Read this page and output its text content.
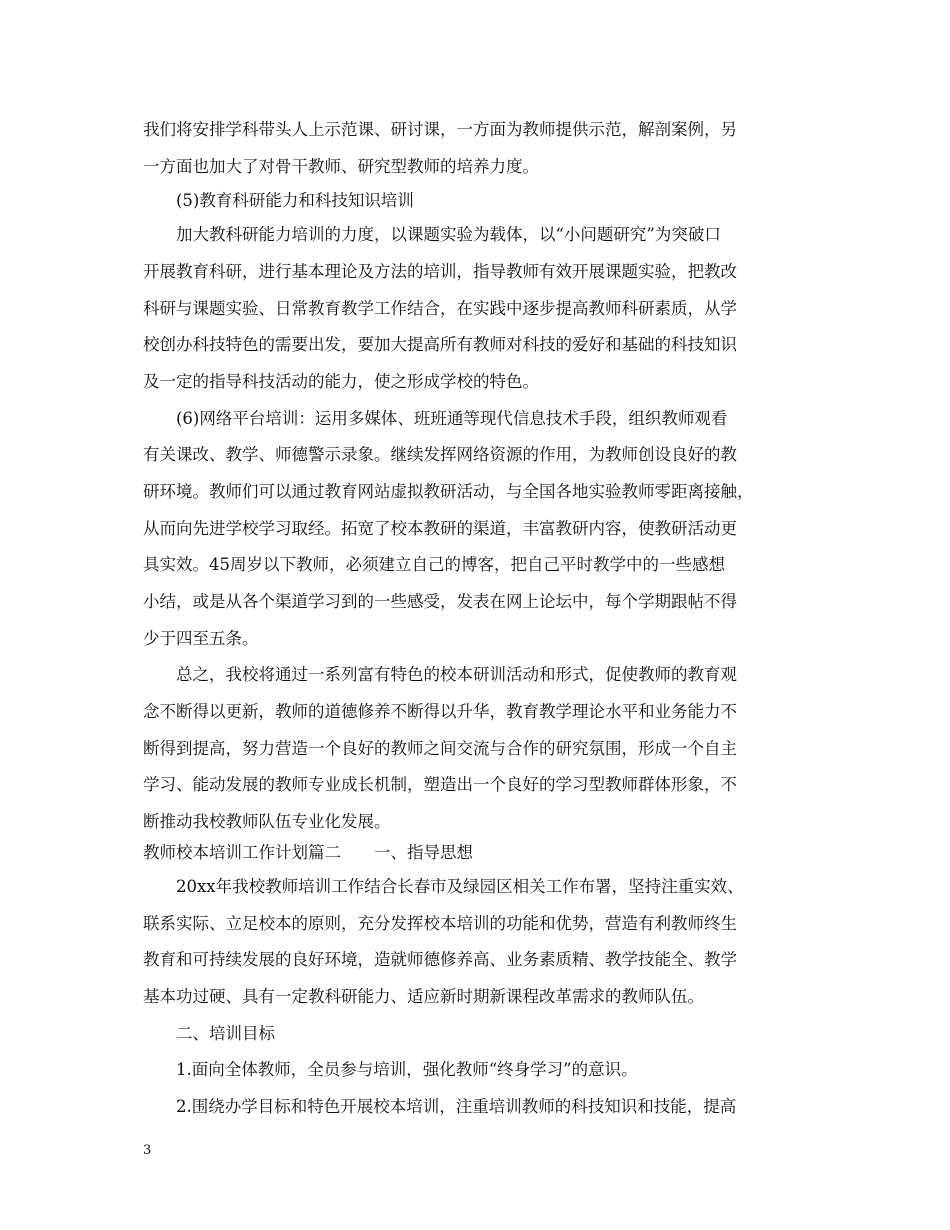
我们将安排学科带头人上示范课、研讨课，一方面为教师提供示范，解剖案例，另
一方面也加大了对骨干教师、研究型教师的培养力度。
(5)教育科研能力和科技知识培训
加大教科研能力培训的力度，以课题实验为载体，以“小问题研究”为突破口
开展教育科研，进行基本理论及方法的培训，指导教师有效开展课题实验，把教改
科研与课题实验、日常教育教学工作结合，在实践中逐步提高教师科研素质，从学
校创办科技特色的需要出发，要加大提高所有教师对科技的爱好和基础的科技知识
及一定的指导科技活动的能力，使之形成学校的特色。
(6)网络平台培训：运用多媒体、班班通等现代信息技术手段，组织教师观看
有关课改、教学、师德警示录象。继续发挥网络资源的作用，为教师创设良好的教
研环境。教师们可以通过教育网站虚拟教研活动，与全国各地实验教师零距离接触，
从而向先进学校学习取经。拓宽了校本教研的渠道，丰富教研内容，使教研活动更
具实效。45周岁以下教师，必须建立自己的博客，把自己平时教学中的一些感想
小结，或是从各个渠道学习到的一些感受，发表在网上论坛中，每个学期跟帖不得
少于四至五条。
总之，我校将通过一系列富有特色的校本研训活动和形式，促使教师的教育观
念不断得以更新，教师的道德修养不断得以升华，教育教学理论水平和业务能力不
断得到提高，努力营造一个良好的教师之间交流与合作的研究氛围，形成一个自主
学习、能动发展的教师专业成长机制，塑造出一个良好的学习型教师群体形象，不
断推动我校教师队伍专业化发展。
教师校本培训工作计划篇二　　一、指导思想
20xx年我校教师培训工作结合长春市及绿园区相关工作布署，坚持注重实效、
联系实际、立足校本的原则，充分发挥校本培训的功能和优势，营造有利教师终生
教育和可持续发展的良好环境，造就师德修养高、业务素质精、教学技能全、教学
基本功过硬、具有一定教科研能力、适应新时期新课程改革需求的教师队伍。
二、培训目标
1.面向全体教师，全员参与培训，强化教师“终身学习”的意识。
2.围绕办学目标和特色开展校本培训，注重培训教师的科技知识和技能，提高
3
